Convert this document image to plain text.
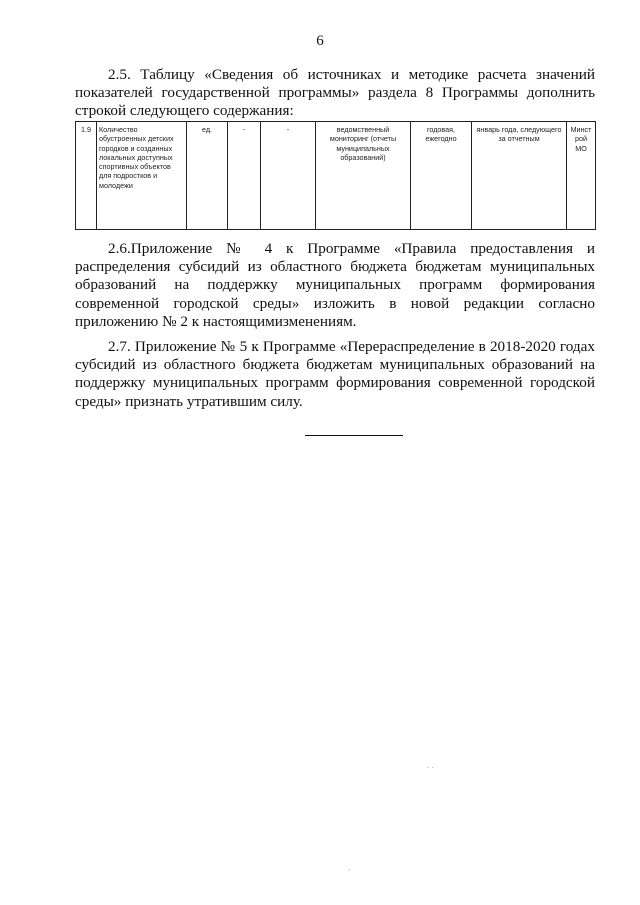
6

2.5. Таблицу «Сведения об источниках и методике расчета значений показателей государственной программы» раздела 8 Программы дополнить строкой следующего содержания:

1.9	Количество обустроенных детских городков и созданных локальных доступных спортивных объектов для подростков и молодежи	ед.	-	-	ведомственный мониторинг (отчеты муниципальных образований)	годовая, ежегодно	январь года, следующего за отчетным	Минстрой МО

2.6.Приложение № 4 к Программе «Правила предоставления и распределения субсидий из областного бюджета бюджетам муниципальных образований на поддержку муниципальных программ формирования современной городской среды» изложить в новой редакции согласно приложению № 2 к настоящимизменениям.

2.7. Приложение № 5 к Программе «Перераспределение в 2018-2020 годах субсидий из областного бюджета бюджетам муниципальных образований на поддержку муниципальных программ формирования современной городской среды» признать утратившим силу.

· ·
·
